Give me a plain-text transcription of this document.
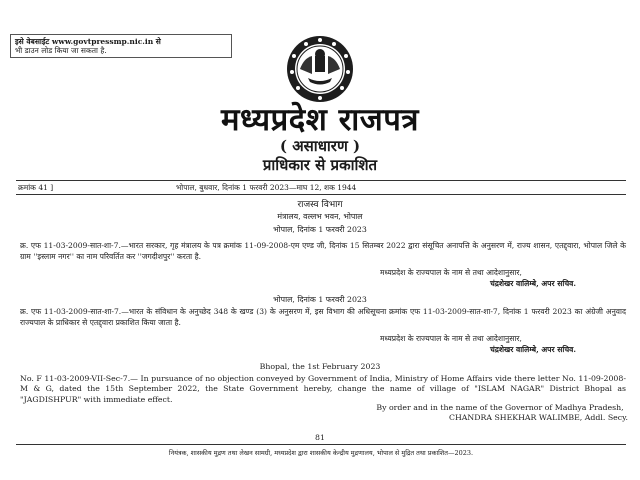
इसे वेबसाईट www.govtpressmp.nic.in से
भी डाउन लोड किया जा सकता है.
मध्यप्रदेश राजपत्र
( असाधारण )
प्राधिकार से प्रकाशित
क्रमांक 41 ]	भोपाल, बुधवार, दिनांक 1 फरवरी 2023—माघ 12, शक 1944
राजस्व विभाग
मंत्रालय, वल्लभ भवन, भोपाल
भोपाल, दिनांक 1 फरवरी 2023
क्र. एफ 11-03-2009-सात-शा-7.—भारत सरकार, गृह मंत्रालय के पत्र क्रमांक 11-09-2008-एम एण्ड जी, दिनांक 15 सितम्बर 2022 द्वारा संसूचित अनापत्ति के अनुसरण में, राज्य शासन, एतद्द्वारा, भोपाल जिले के ग्राम ''इस्लाम नगर'' का नाम परिवर्तित कर ''जगदीशपुर'' करता है.
मध्यप्रदेश के राज्यपाल के नाम से तथा आदेशानुसार,
चंद्रशेखर वालिम्बे, अपर सचिव.
भोपाल, दिनांक 1 फरवरी 2023
क्र. एफ 11-03-2009-सात-शा-7.—भारत के संविधान के अनुच्छेद 348 के खण्ड (3) के अनुसरण में, इस विभाग की अधिसूचना क्रमांक एफ 11-03-2009-सात-शा-7, दिनांक 1 फरवरी 2023 का अंग्रेजी अनुवाद राज्यपाल के प्राधिकार से एतद्द्वारा प्रकाशित किया जाता है.
मध्यप्रदेश के राज्यपाल के नाम से तथा आदेशानुसार,
चंद्रशेखर वालिम्बे, अपर सचिव.
Bhopal, the 1st February 2023
No. F 11-03-2009-VII-Sec-7.— In pursuance of no objection conveyed by Government of India, Ministry of Home Affairs vide there letter No. 11-09-2008-M & G, dated the 15th September 2022, the State Government hereby, change the name of village of "ISLAM NAGAR" District Bhopal as "JAGDISHPUR" with immediate effect.
By order and in the name of the Governor of Madhya Pradesh,
CHANDRA SHEKHAR WALIMBE, Addl. Secy.
81
नियंत्रक, शासकीय मुद्रण तथा लेखन सामग्री, मध्यप्रदेश द्वारा शासकीय केन्द्रीय मुद्रणालय, भोपाल से मुद्रित तथा प्रकाशित—2023.
